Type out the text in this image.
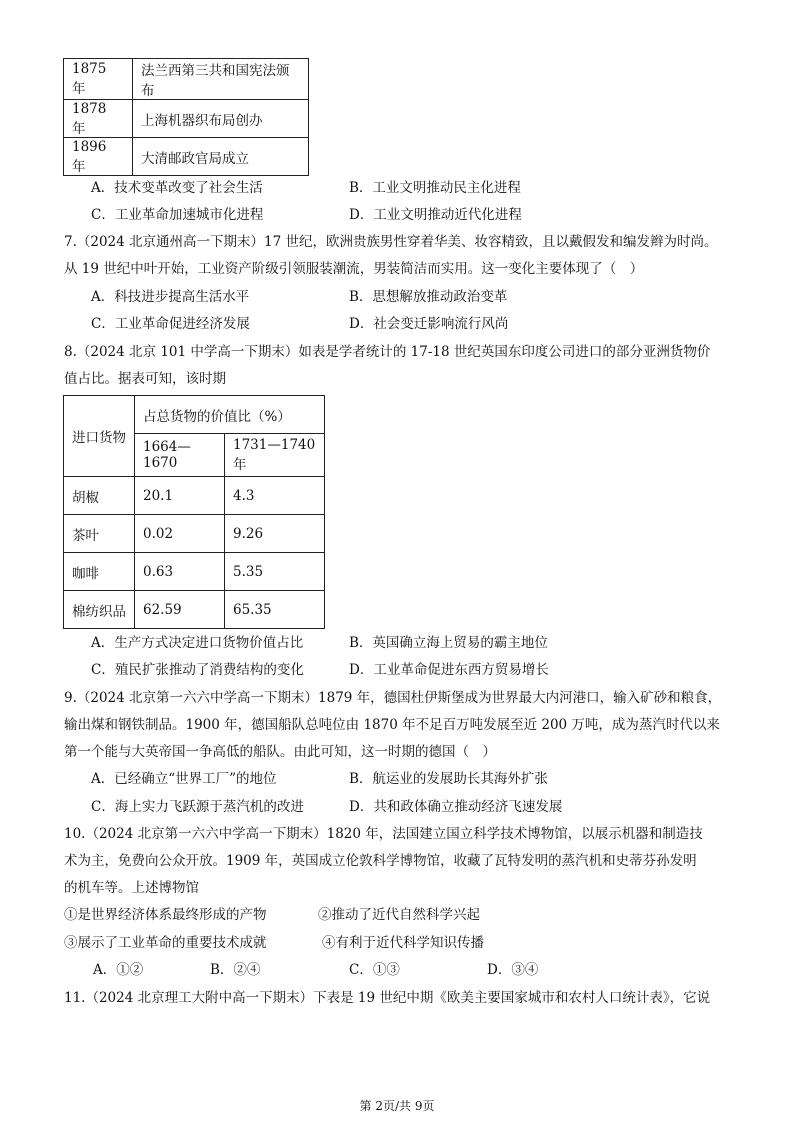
1875 年	法兰西第三共和国宪法颁布
1878 年	上海机器织布局创办
1896 年	大清邮政官局成立
A．技术变革改变了社会生活	B．工业文明推动民主化进程
C．工业革命加速城市化进程	D．工业文明推动近代化进程
7.（2024 北京通州高一下期末）17 世纪，欧洲贵族男性穿着华美、妆容精致，且以戴假发和编发辫为时尚。
从 19 世纪中叶开始，工业资产阶级引领服装潮流，男装简洁而实用。这一变化主要体现了（　）
A．科技进步提高生活水平	B．思想解放推动政治变革
C．工业革命促进经济发展	D．社会变迁影响流行风尚
8.（2024 北京 101 中学高一下期末）如表是学者统计的 17-18 世纪英国东印度公司进口的部分亚洲货物价
值占比。据表可知，该时期
进口货物	占总货物的价值比（%）	
	1664—1670	1731—1740 年
胡椒	20.1	4.3
茶叶	0.02	9.26
咖啡	0.63	5.35
棉纺织品	62.59	65.35
A．生产方式决定进口货物价值占比	B．英国确立海上贸易的霸主地位
C．殖民扩张推动了消费结构的变化	D．工业革命促进东西方贸易增长
9.（2024 北京第一六六中学高一下期末）1879 年，德国杜伊斯堡成为世界最大内河港口，输入矿砂和粮食，
输出煤和钢铁制品。1900 年，德国船队总吨位由 1870 年不足百万吨发展至近 200 万吨，成为蒸汽时代以来
第一个能与大英帝国一争高低的船队。由此可知，这一时期的德国（　）
A．已经确立“世界工厂”的地位	B．航运业的发展助长其海外扩张
C．海上实力飞跃源于蒸汽机的改进	D．共和政体确立推动经济飞速发展
10.（2024 北京第一六六中学高一下期末）1820 年，法国建立国立科学技术博物馆，以展示机器和制造技
术为主，免费向公众开放。1909 年，英国成立伦敦科学博物馆，收藏了瓦特发明的蒸汽机和史蒂芬孙发明
的机车等。上述博物馆
①是世界经济体系最终形成的产物	②推动了近代自然科学兴起
③展示了工业革命的重要技术成就	④有利于近代科学知识传播
A．①②	B．②④	C．①③	D．③④
11.（2024 北京理工大附中高一下期末）下表是 19 世纪中期《欧美主要国家城市和农村人口统计表》，它说
第 2页/共 9页
